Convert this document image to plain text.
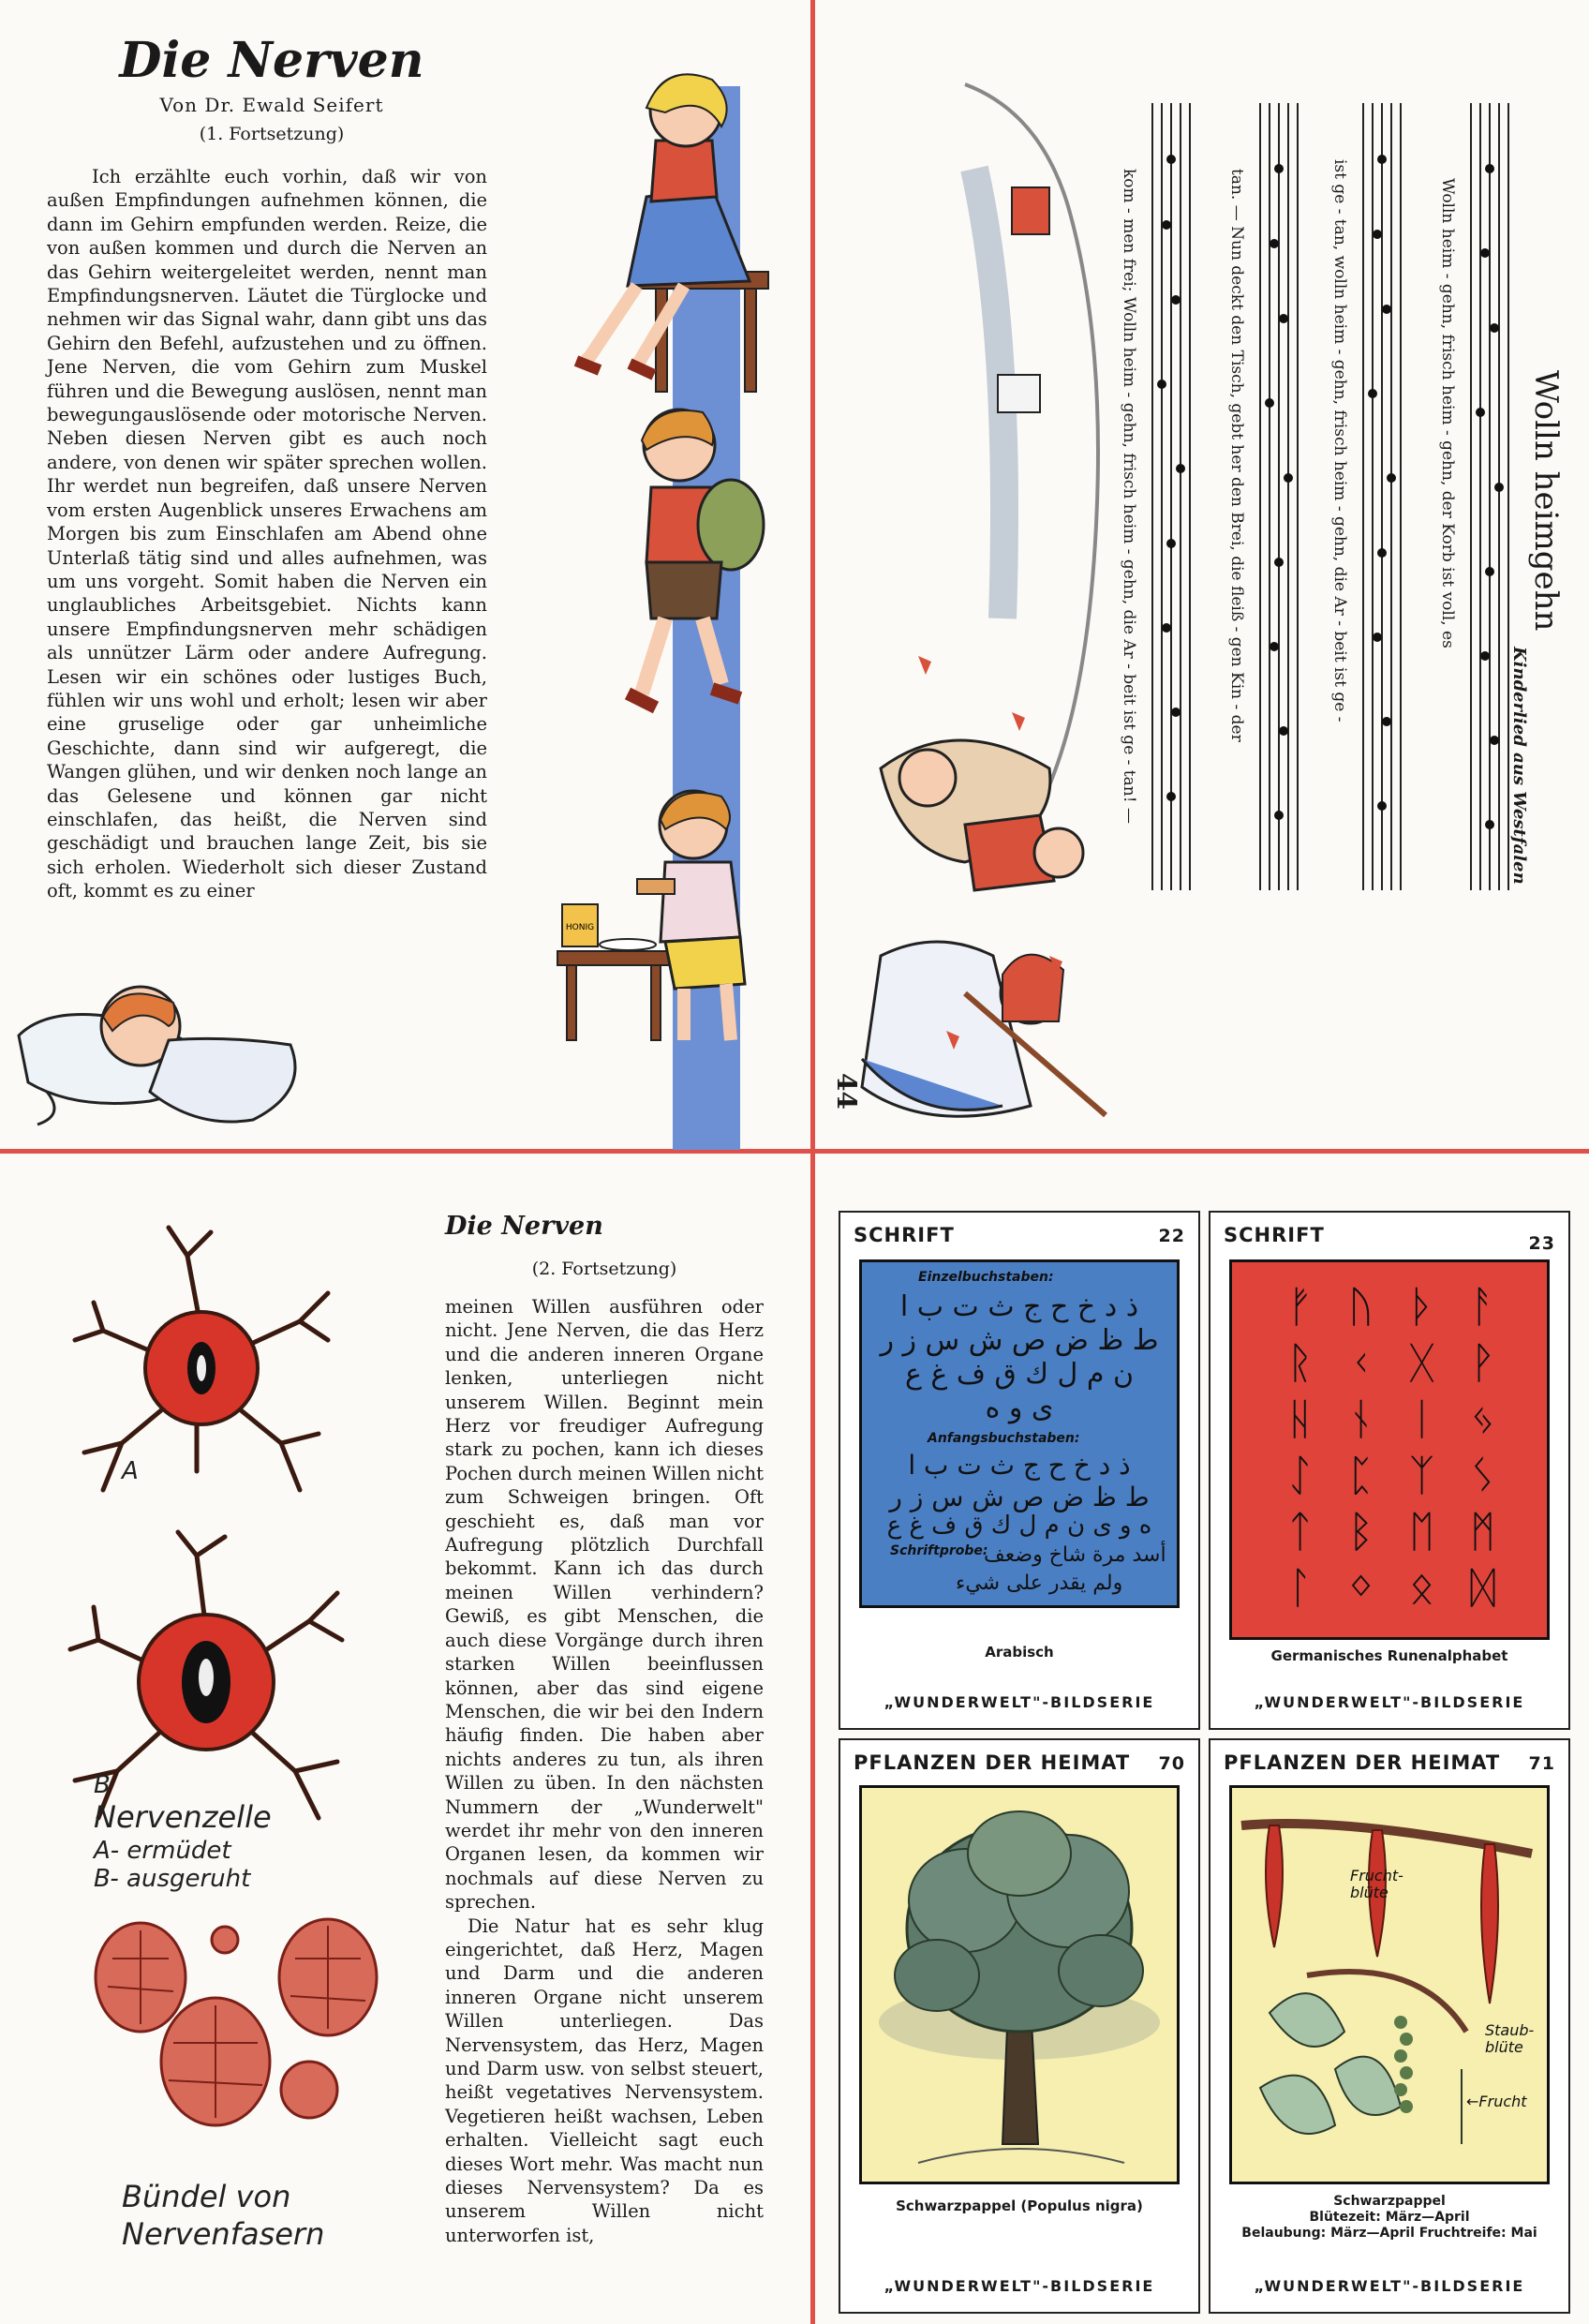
Die Nerven
Von Dr. Ewald Seifert
(1. Fortsetzung)

Ich erzählte euch vorhin, daß wir von außen Empfindungen aufnehmen können, die dann im Gehirn empfunden werden. Reize, die von außen kommen und durch die Nerven an das Gehirn weitergeleitet werden, nennt man Empfindungsnerven. Läutet die Türglocke und nehmen wir das Signal wahr, dann gibt uns das Gehirn den Befehl, aufzustehen und zu öffnen. Jene Nerven, die vom Gehirn zum Muskel führen und die Bewegung auslösen, nennt man bewegungauslösende oder motorische Nerven. Neben diesen Nerven gibt es auch noch andere, von denen wir später sprechen wollen. Ihr werdet nun begreifen, daß unsere Nerven vom ersten Augenblick unseres Erwachens am Morgen bis zum Einschlafen am Abend ohne Unterlaß tätig sind und alles aufnehmen, was um uns vorgeht. Somit haben die Nerven ein unglaubliches Arbeitsgebiet. Nichts kann unsere Empfindungsnerven mehr schädigen als unnützer Lärm oder andere Aufregung. Lesen wir ein schönes oder lustiges Buch, fühlen wir uns wohl und erholt; lesen wir aber eine gruselige oder gar unheimliche Geschichte, dann sind wir aufgeregt, die Wangen glühen, und wir denken noch lange an das Gelesene und können gar nicht einschlafen, das heißt, die Nerven sind geschädigt und brauchen lange Zeit, bis sie sich erholen. Wiederholt sich dieser Zustand oft, kommt es zu einer

HONIG
Wolln heimgehn
Kinderlied aus Westfalen
Wolln heim - gehn, frisch heim - gehn, der Korb ist voll, es
ist ge - tan, wolln heim - gehn, frisch heim - gehn, die Ar - beit ist ge -
tan. — Nun deckt den Tisch, gebt her den Brei, die fleiß - gen Kin - der
kom - men frei; Wolln heim - gehn, frisch heim - gehn, die Ar - beit ist ge - tan! —
44
A
B
Nervenzelle
A- ermüdet
B- ausgeruht
Bündel von
Nervenfasern
Die Nerven
(2. Fortsetzung)

meinen Willen ausführen oder nicht. Jene Nerven, die das Herz und die anderen inneren Organe lenken, unterliegen nicht unserem Willen. Beginnt mein Herz vor freudiger Aufregung stark zu pochen, kann ich dieses Pochen durch meinen Willen nicht zum Schweigen bringen. Oft geschieht es, daß man vor Aufregung plötzlich Durchfall bekommt. Kann ich das durch meinen Willen verhindern? Gewiß, es gibt Menschen, die auch diese Vorgänge durch ihren starken Willen beeinflussen können, aber das sind eigene Menschen, die wir bei den Indern häufig finden. Die haben aber nichts anderes zu tun, als ihren Willen zu üben. In den nächsten Nummern der „Wunderwelt" werdet ihr mehr von den inneren Organen lesen, da kommen wir nochmals auf diese Nerven zu sprechen.

Die Natur hat es sehr klug eingerichtet, daß Herz, Magen und Darm und die anderen inneren Organe nicht unserem Willen unterliegen. Das Nervensystem, das Herz, Magen und Darm usw. von selbst steuert, heißt vegetatives Nervensystem. Vegetieren heißt wachsen, Leben erhalten. Vielleicht sagt euch dieses Wort mehr. Was macht nun dieses Nervensystem? Da es unserem Willen nicht unterworfen ist,

SCHRIFT	22
Einzelbuchstaben:
ذ د خ ح ج ث ت ب ا
ط ظ ض ص ش س ز ر
ن م ل ك ق ف غ ع
ى و ه
Anfangsbuchstaben:
ذ د خ ح ج ث ت ب ا
ط ظ ض ص ش س ز ر
ه و ى ن م ل ك ق ف غ ع
Schriftprobe:
أسد مرة شاخ وضعف
ولم يقدر على شيء
Arabisch
„WUNDERWELT"-BILDSERIE
SCHRIFT	23
ᚠ ᚢ ᚦ ᚨ
ᚱ ᚲ ᚷ ᚹ
ᚺ ᚾ ᛁ ᛃ
ᛇ ᛈ ᛉ ᛊ
ᛏ ᛒ ᛖ ᛗ
ᛚ ᛜ ᛟ ᛞ
Germanisches Runenalphabet
„WUNDERWELT"-BILDSERIE
PFLANZEN DER HEIMAT 70
Schwarzpappel (Populus nigra)
„WUNDERWELT"-BILDSERIE
PFLANZEN DER HEIMAT 71
Frucht-
blüte
Staub-
blüte
←Frucht
Schwarzpappel
Blütezeit: März—April
Belaubung: März—April Fruchtreife: Mai
„WUNDERWELT"-BILDSERIE
